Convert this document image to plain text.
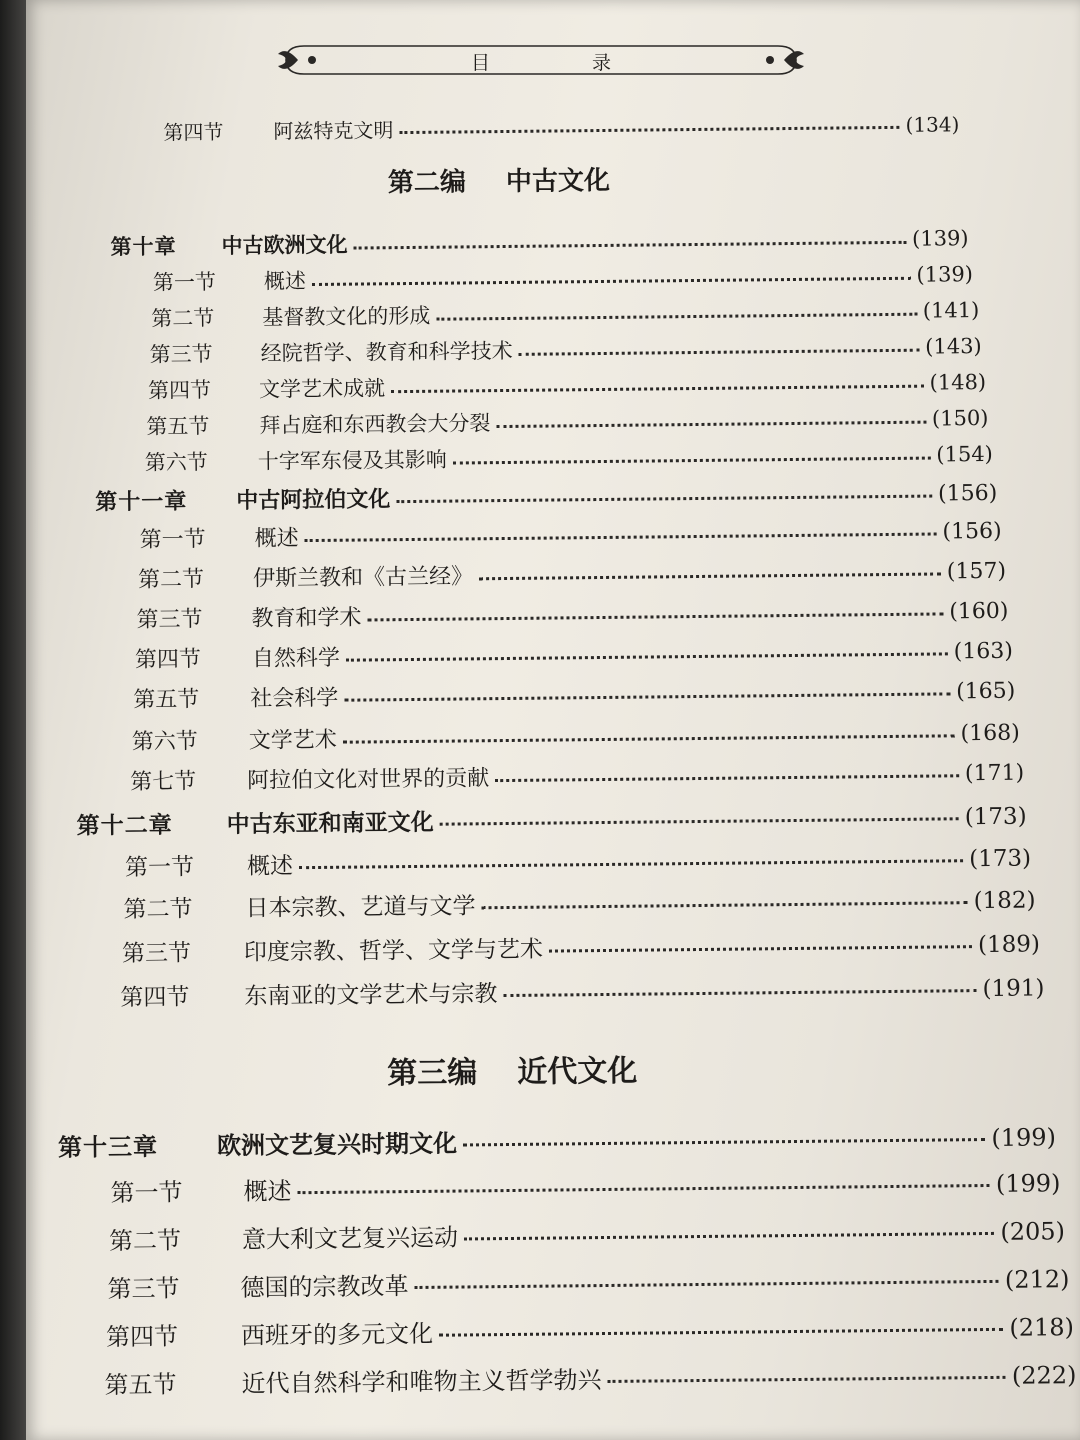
目 录
第四节	阿兹特克文明	(134)
第二编 中古文化
第十章	中古欧洲文化	(139)
第一节	概述	(139)
第二节	基督教文化的形成	(141)
第三节	经院哲学、教育和科学技术	(143)
第四节	文学艺术成就	(148)
第五节	拜占庭和东西教会大分裂	(150)
第六节	十字军东侵及其影响	(154)
第十一章	中古阿拉伯文化	(156)
第一节	概述	(156)
第二节	伊斯兰教和《古兰经》	(157)
第三节	教育和学术	(160)
第四节	自然科学	(163)
第五节	社会科学	(165)
第六节	文学艺术	(168)
第七节	阿拉伯文化对世界的贡献	(171)
第十二章	中古东亚和南亚文化	(173)
第一节	概述	(173)
第二节	日本宗教、艺道与文学	(182)
第三节	印度宗教、哲学、文学与艺术	(189)
第四节	东南亚的文学艺术与宗教	(191)
第三编 近代文化
第十三章	欧洲文艺复兴时期文化	(199)
第一节	概述	(199)
第二节	意大利文艺复兴运动	(205)
第三节	德国的宗教改革	(212)
第四节	西班牙的多元文化	(218)
第五节	近代自然科学和唯物主义哲学勃兴	(222)
